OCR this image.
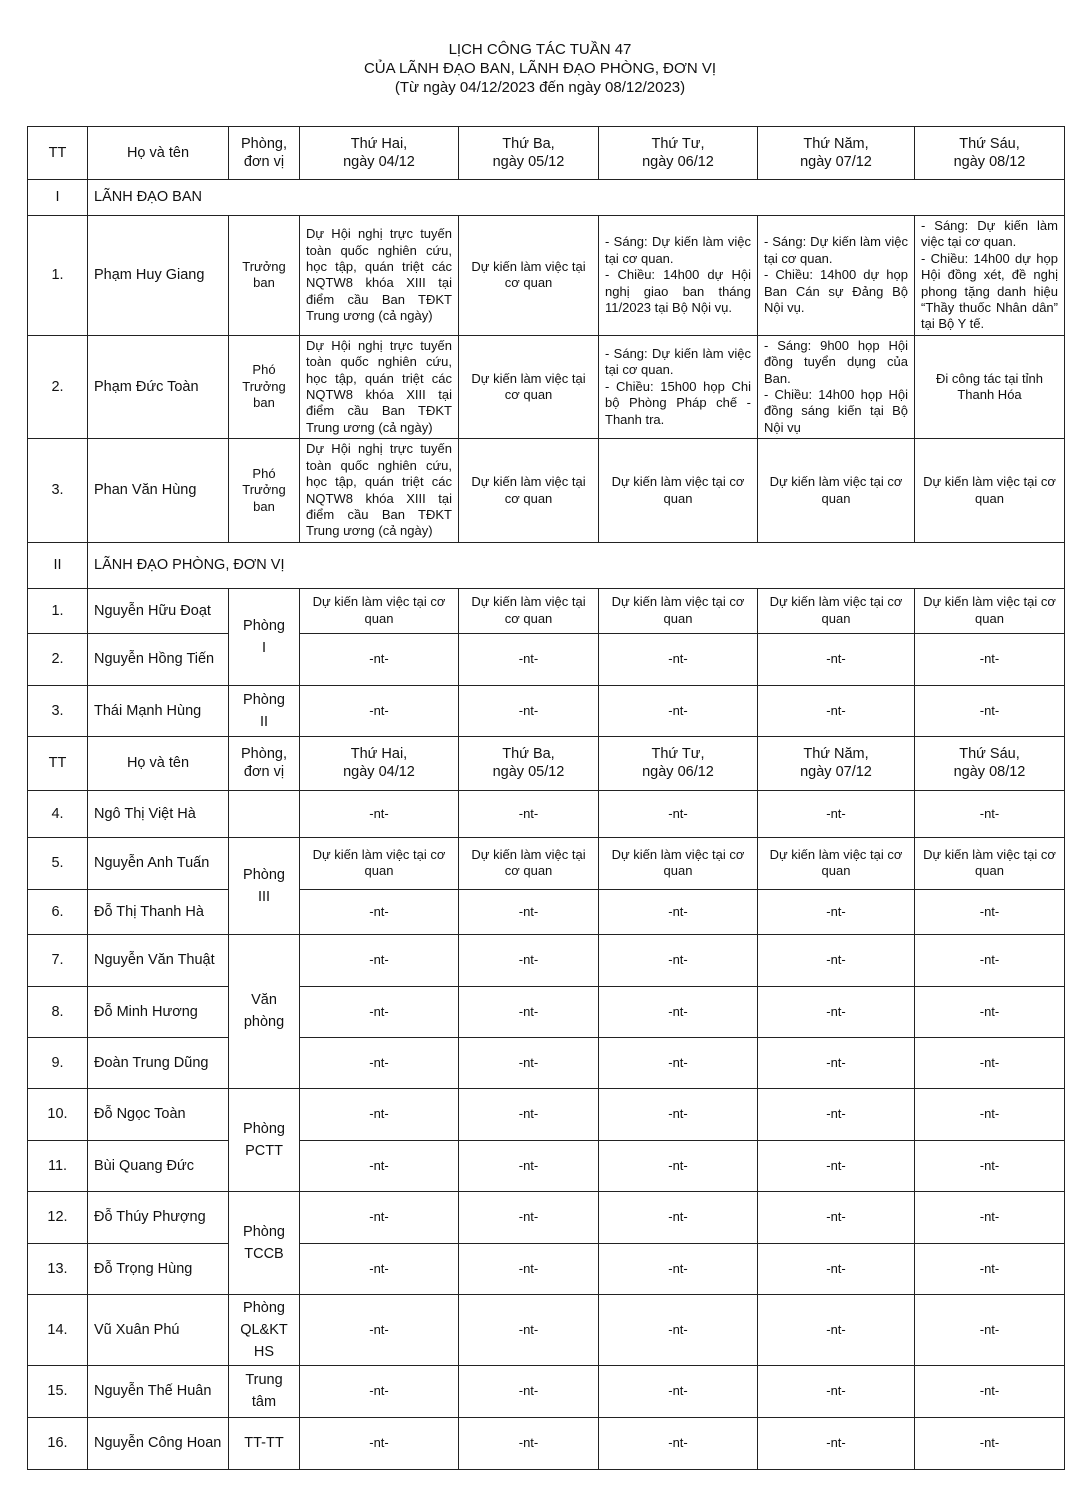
LỊCH CÔNG TÁC TUẦN 47
CỦA LÃNH ĐẠO BAN, LÃNH ĐẠO PHÒNG, ĐƠN VỊ
(Từ ngày 04/12/2023 đến ngày 08/12/2023)
TT	Họ và tên	Phòng,
đơn vị	Thứ Hai,
ngày 04/12	Thứ Ba,
ngày 05/12	Thứ Tư,
ngày 06/12	Thứ Năm,
ngày 07/12	Thứ Sáu,
ngày 08/12
I	LÃNH ĐẠO BAN						
1.	Phạm Huy Giang	Trưởng ban	Dự Hội nghị trực tuyến toàn quốc nghiên cứu, học tập, quán triệt các NQTW8 khóa XIII tại điểm cầu Ban TĐKT Trung ương (cả ngày)	Dự kiến làm việc tại cơ quan	- Sáng: Dự kiến làm việc tại cơ quan.
- Chiều: 14h00 dự Hội nghị giao ban tháng 11/2023 tại Bộ Nội vụ.	- Sáng: Dự kiến làm việc tại cơ quan.
- Chiều: 14h00 dự họp Ban Cán sự Đảng Bộ Nội vụ.	- Sáng: Dự kiến làm việc tại cơ quan.
- Chiều: 14h00 dự họp Hội đồng xét, đề nghị phong tặng danh hiệu “Thầy thuốc Nhân dân” tại Bộ Y tế.
2.	Phạm Đức Toàn	Phó Trưởng ban	Dự Hội nghị trực tuyến toàn quốc nghiên cứu, học tập, quán triệt các NQTW8 khóa XIII tại điểm cầu Ban TĐKT Trung ương (cả ngày)	Dự kiến làm việc tại cơ quan	- Sáng: Dự kiến làm việc tại cơ quan.
- Chiều: 15h00 họp Chi bộ Phòng Pháp chế - Thanh tra.	- Sáng: 9h00 họp Hội đồng tuyển dụng của Ban.
- Chiều: 14h00 họp Hội đồng sáng kiến tại Bộ Nội vụ	Đi công tác tại tỉnh Thanh Hóa
3.	Phan Văn Hùng	Phó Trưởng ban	Dự Hội nghị trực tuyến toàn quốc nghiên cứu, học tập, quán triệt các NQTW8 khóa XIII tại điểm cầu Ban TĐKT Trung ương (cả ngày)	Dự kiến làm việc tại cơ quan	Dự kiến làm việc tại cơ quan	Dự kiến làm việc tại cơ quan	Dự kiến làm việc tại cơ quan
II	LÃNH ĐẠO PHÒNG, ĐƠN VỊ						
1.	Nguyễn Hữu Đoạt	Phòng
I	Dự kiến làm việc tại cơ quan	Dự kiến làm việc tại cơ quan	Dự kiến làm việc tại cơ quan	Dự kiến làm việc tại cơ quan	Dự kiến làm việc tại cơ quan
2.	Nguyễn Hồng Tiến		-nt-	-nt-	-nt-	-nt-	-nt-
3.	Thái Mạnh Hùng	Phòng
II	-nt-	-nt-	-nt-	-nt-	-nt-
TT	Họ và tên	Phòng,
đơn vị	Thứ Hai,
ngày 04/12	Thứ Ba,
ngày 05/12	Thứ Tư,
ngày 06/12	Thứ Năm,
ngày 07/12	Thứ Sáu,
ngày 08/12
4.	Ngô Thị Việt Hà		-nt-	-nt-	-nt-	-nt-	-nt-
5.	Nguyễn Anh Tuấn	Phòng
III	Dự kiến làm việc tại cơ quan	Dự kiến làm việc tại cơ quan	Dự kiến làm việc tại cơ quan	Dự kiến làm việc tại cơ quan	Dự kiến làm việc tại cơ quan
6.	Đỗ Thị Thanh Hà		-nt-	-nt-	-nt-	-nt-	-nt-
7.	Nguyễn Văn Thuật	Văn
phòng	-nt-	-nt-	-nt-	-nt-	-nt-
8.	Đỗ Minh Hương		-nt-	-nt-	-nt-	-nt-	-nt-
9.	Đoàn Trung Dũng		-nt-	-nt-	-nt-	-nt-	-nt-
10.	Đỗ Ngọc Toàn	Phòng
PCTT	-nt-	-nt-	-nt-	-nt-	-nt-
11.	Bùi Quang Đức		-nt-	-nt-	-nt-	-nt-	-nt-
12.	Đỗ Thúy Phượng	Phòng
TCCB	-nt-	-nt-	-nt-	-nt-	-nt-
13.	Đỗ Trọng Hùng		-nt-	-nt-	-nt-	-nt-	-nt-
14.	Vũ Xuân Phú	Phòng
QL&KT
HS	-nt-	-nt-	-nt-	-nt-	-nt-
15.	Nguyễn Thế Huân	Trung
tâm	-nt-	-nt-	-nt-	-nt-	-nt-
16.	Nguyễn Công Hoan	TT-TT	-nt-	-nt-	-nt-	-nt-	-nt-
